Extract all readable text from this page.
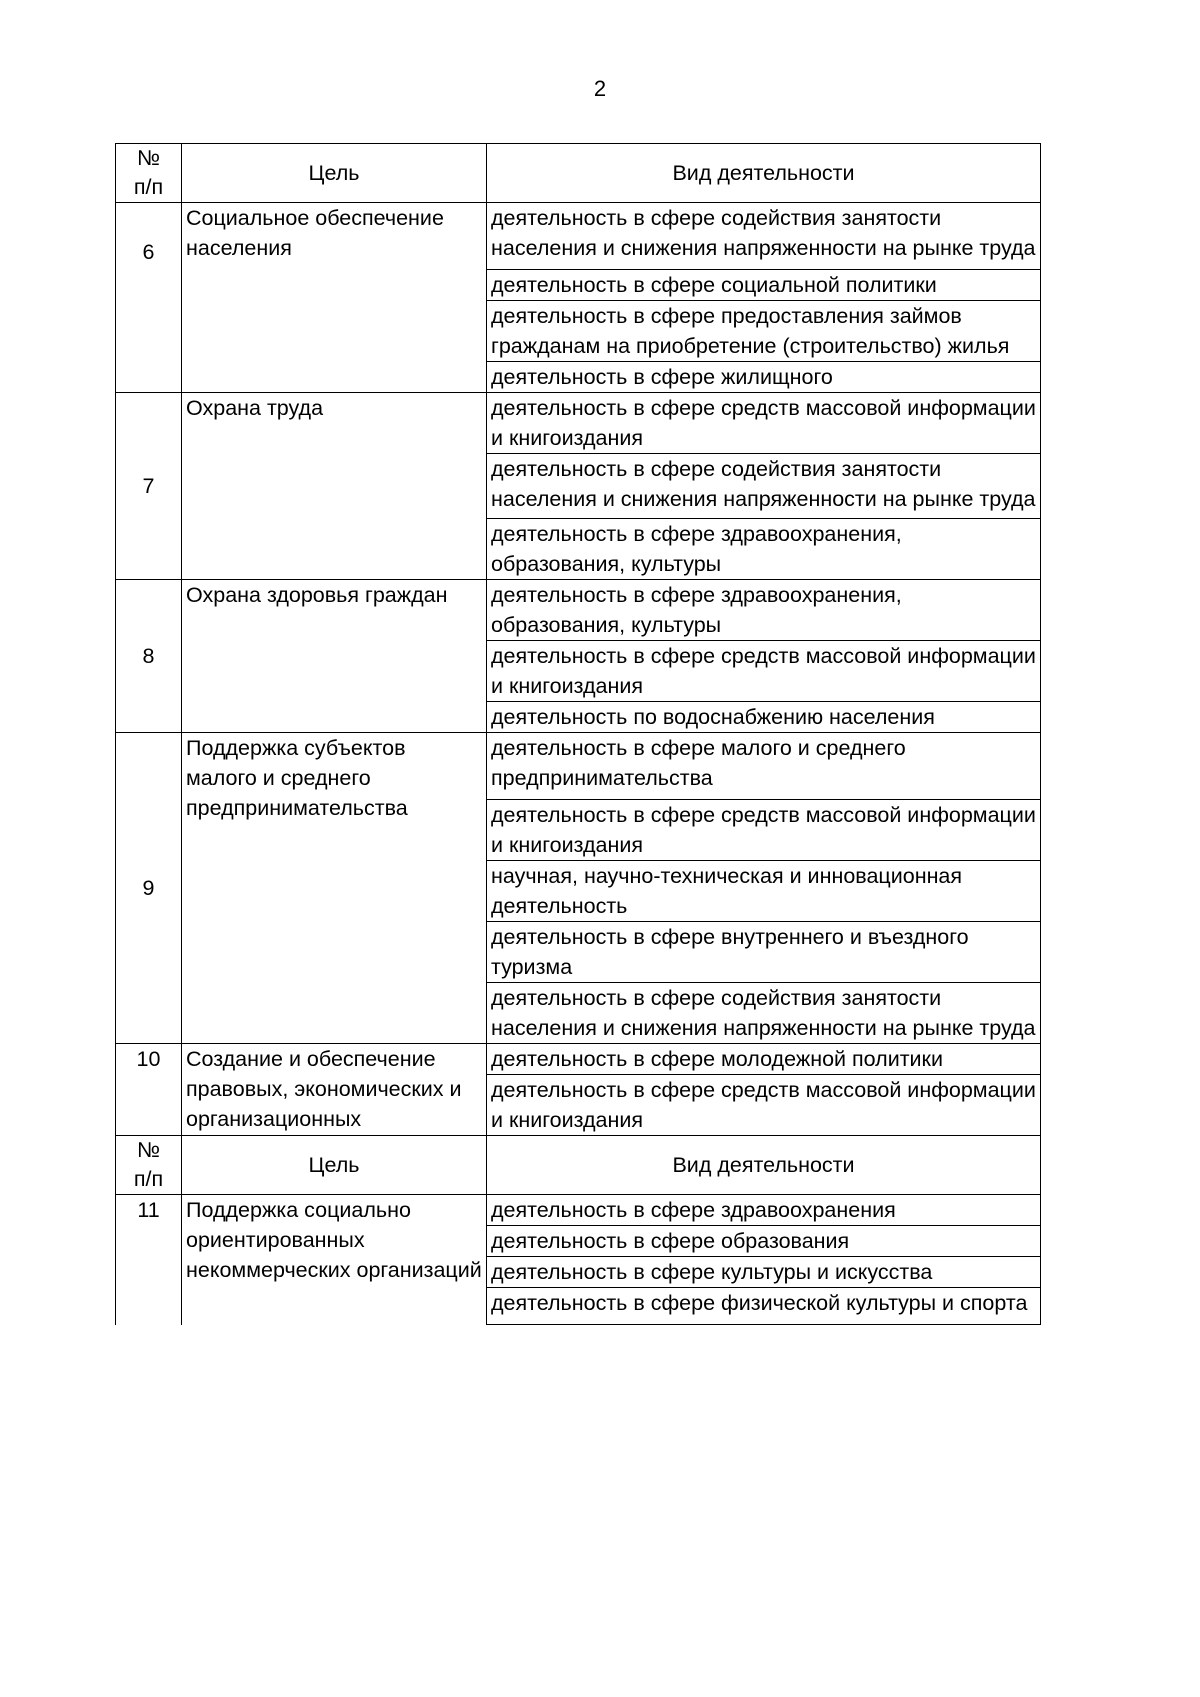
2
№
п/п	Цель	Вид деятельности
6	Социальное обеспечение населения	деятельность в сфере содействия занятости населения и снижения напряженности на рынке труда
		деятельность в сфере социальной политики
		деятельность в сфере предоставления займов гражданам на приобретение (строительство) жилья
		деятельность в сфере жилищного
7	Охрана труда	деятельность в сфере средств массовой информации и книгоиздания
		деятельность в сфере содействия занятости населения и снижения напряженности на рынке труда
		деятельность в сфере здравоохранения, образования, культуры
8	Охрана здоровья граждан	деятельность в сфере здравоохранения, образования, культуры
		деятельность в сфере средств массовой информации и книгоиздания
		деятельность по водоснабжению населения
9	Поддержка субъектов малого и среднего предпринимательства	деятельность в сфере малого и среднего предпринимательства
		деятельность в сфере средств массовой информации и книгоиздания
		научная, научно-техническая и инновационная деятельность
		деятельность в сфере внутреннего и въездного туризма
		деятельность в сфере содействия занятости населения и снижения напряженности на рынке труда
10	Создание и обеспечение правовых, экономических и организационных	деятельность в сфере молодежной политики
		деятельность в сфере средств массовой информации и книгоиздания
№
п/п	Цель	Вид деятельности
11	Поддержка социально ориентированных некоммерческих организаций	деятельность в сфере здравоохранения
		деятельность в сфере образования
		деятельность в сфере культуры и искусства
		деятельность в сфере физической культуры и спорта
